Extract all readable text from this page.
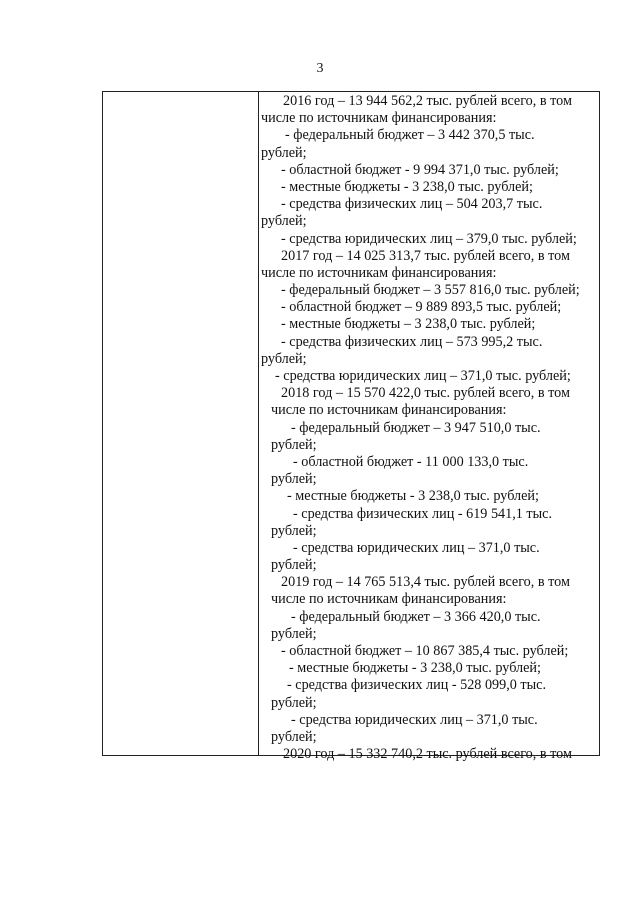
3
2016 год – 13 944 562,2 тыс. рублей всего, в том
числе по источникам финансирования:
- федеральный бюджет – 3 442 370,5 тыс.
рублей;
- областной бюджет - 9 994 371,0 тыс. рублей;
- местные бюджеты - 3 238,0 тыс. рублей;
- средства физических лиц – 504 203,7 тыс.
рублей;
- средства юридических лиц – 379,0 тыс. рублей;
2017 год – 14 025 313,7 тыс. рублей всего, в том
числе по источникам финансирования:
- федеральный бюджет – 3 557 816,0 тыс. рублей;
- областной бюджет – 9 889 893,5 тыс. рублей;
- местные бюджеты – 3 238,0 тыс. рублей;
- средства физических лиц – 573 995,2 тыс.
рублей;
- средства юридических лиц – 371,0 тыс. рублей;
2018 год – 15 570 422,0 тыс. рублей всего, в том
числе по источникам финансирования:
- федеральный бюджет – 3 947 510,0 тыс.
рублей;
- областной бюджет - 11 000 133,0 тыс.
рублей;
- местные бюджеты - 3 238,0 тыс. рублей;
- средства физических лиц - 619 541,1 тыс.
рублей;
- средства юридических лиц – 371,0 тыс.
рублей;
2019 год – 14 765 513,4 тыс. рублей всего, в том
числе по источникам финансирования:
- федеральный бюджет – 3 366 420,0 тыс.
рублей;
- областной бюджет – 10 867 385,4 тыс. рублей;
- местные бюджеты - 3 238,0 тыс. рублей;
- средства физических лиц - 528 099,0 тыс.
рублей;
- средства юридических лиц – 371,0 тыс.
рублей;
2020 год – 15 332 740,2 тыс. рублей всего, в том
